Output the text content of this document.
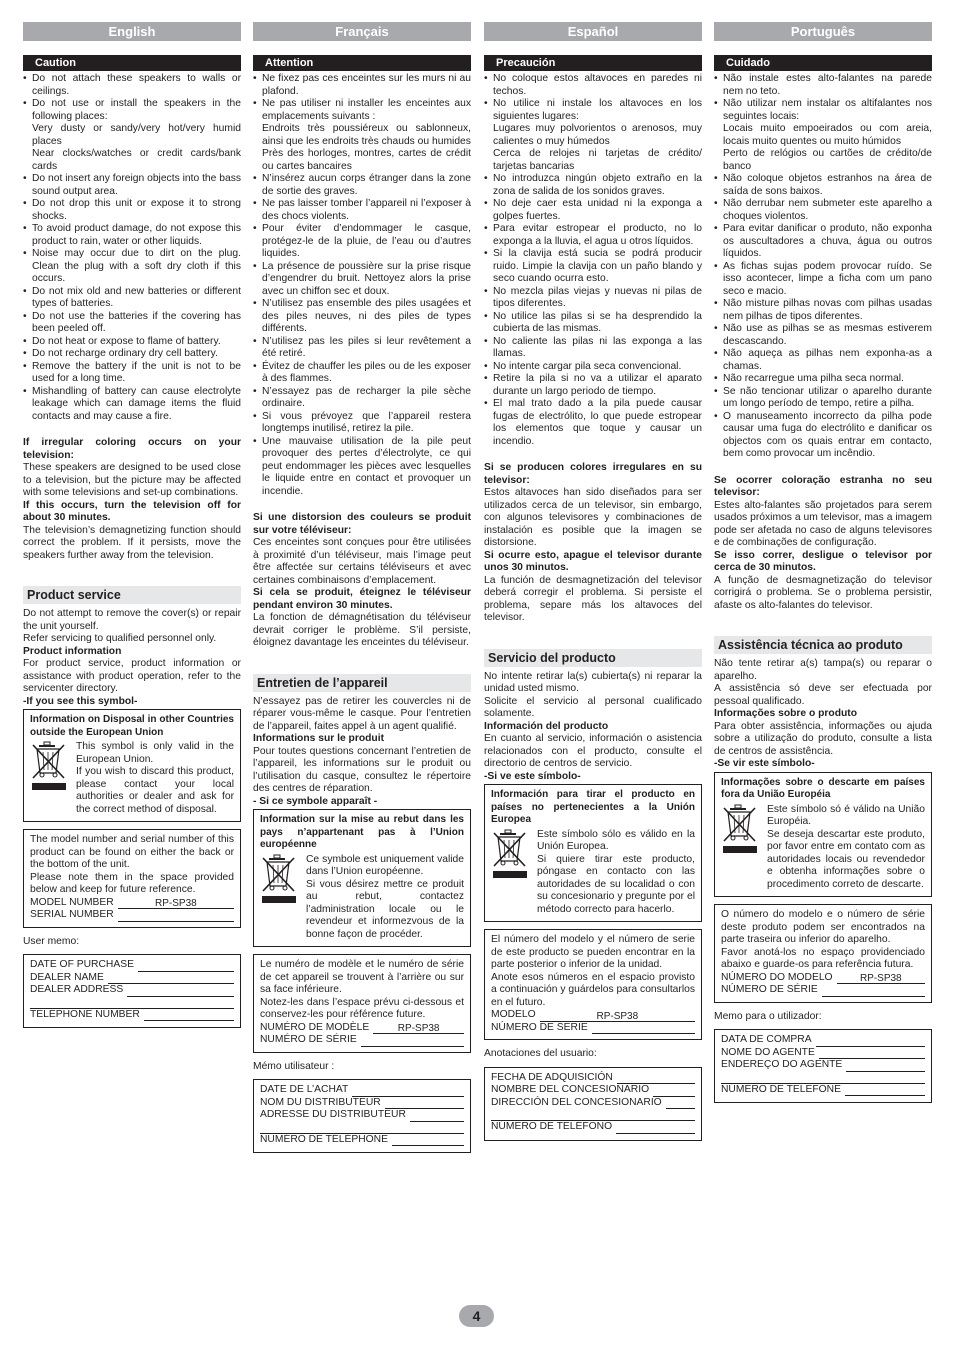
English
Caution
• Do not attach these speakers to walls or ceilings.
• Do not use or install the speakers in the following places:
Very dusty or sandy/very hot/very humid places
Near clocks/watches or credit cards/bank cards
• Do not insert any foreign objects into the bass sound output area.
• Do not drop this unit or expose it to strong shocks.
• To avoid product damage, do not expose this product to rain, water or other liquids.
• Noise may occur due to dirt on the plug. Clean the plug with a soft dry cloth if this occurs.
• Do not mix old and new batteries or different types of batteries.
• Do not use the batteries if the covering has been peeled off.
• Do not heat or expose to flame of battery.
• Do not recharge ordinary dry cell battery.
• Remove the battery if the unit is not to be used for a long time.
• Mishandling of battery can cause electrolyte leakage which can damage items the fluid contacts and may cause a fire.
If irregular coloring occurs on your television:
These speakers are designed to be used close to a television, but the picture may be affected with some televisions and set-up combinations.
If this occurs, turn the television off for about 30 minutes.
The television’s demagnetizing function should correct the problem. If it persists, move the speakers further away from the television.
Product service
Do not attempt to remove the cover(s) or repair the unit yourself.
Refer servicing to qualified personnel only.
Product information
For product service, product information or assistance with product operation, refer to the servicenter directory.
-If you see this symbol-
Information on Disposal in other Countries outside the European Union
This symbol is only valid in the European Union.
If you wish to discard this product, please contact your local authorities or dealer and ask for the correct method of disposal.
The model number and serial number of this product can be found on either the back or the bottom of the unit.
Please note them in the space provided below and keep for future reference.
MODEL NUMBER	RP-SP38
SERIAL NUMBER
User memo:
DATE OF PURCHASE
DEALER NAME
DEALER ADDRESS
TELEPHONE NUMBER
Français
Attention
• Ne fixez pas ces enceintes sur les murs ni au plafond.
• Ne pas utiliser ni installer les enceintes aux emplacements suivants :
Endroits très poussiéreux ou sablonneux, ainsi que les endroits très chauds ou humides
Près des horloges, montres, cartes de crédit ou cartes bancaires
• N’insérez aucun corps étranger dans la zone de sortie des graves.
• Ne pas laisser tomber l’appareil ni l’exposer à des chocs violents.
• Pour éviter d’endommager le casque, protégez-le de la pluie, de l’eau ou d’autres liquides.
• La présence de poussière sur la prise risque d’engendrer du bruit. Nettoyez alors la prise avec un chiffon sec et doux.
• N’utilisez pas ensemble des piles usagées et des piles neuves, ni des piles de types différents.
• N’utilisez pas les piles si leur revêtement a été retiré.
• Évitez de chauffer les piles ou de les exposer à des flammes.
• N’essayez pas de recharger la pile sèche ordinaire.
• Si vous prévoyez que l’appareil restera longtemps inutilisé, retirez la pile.
• Une mauvaise utilisation de la pile peut provoquer des pertes d’électrolyte, ce qui peut endommager les pièces avec lesquelles le liquide entre en contact et provoquer un incendie.
Si une distorsion des couleurs se produit sur votre téléviseur:
Ces enceintes sont conçues pour être utilisées à proximité d’un téléviseur, mais l’image peut être affectée sur certains téléviseurs et avec certaines combinaisons d’emplacement.
Si cela se produit, éteignez le téléviseur pendant environ 30 minutes.
La fonction de démagnétisation du téléviseur devrait corriger le problème. S’il persiste, éloignez davantage les enceintes du téléviseur.
Entretien de l’appareil
N’essayez pas de retirer les couvercles ni de réparer vous-même le casque. Pour l’entretien de l’appareil, faites appel à un agent qualifié.
Informations sur le produit
Pour toutes questions concernant l’entretien de l’appareil, les informations sur le produit ou l’utilisation du casque, consultez le répertoire des centres de réparation.
- Si ce symbole apparaît -
Information sur la mise au rebut dans les pays n’appartenant pas à l’Union européenne
Ce symbole est uniquement valide dans l’Union européenne.
Si vous désirez mettre ce produit au rebut, contactez l’administration locale ou le revendeur et informezvous de la bonne façon de procéder.
Le numéro de modèle et le numéro de série de cet appareil se trouvent à l’arrière ou sur sa face inférieure.
Notez-les dans l’espace prévu ci-dessous et conservez-les pour référence future.
NUMÉRO DE MODÈLE	RP-SP38
NUMÉRO DE SÉRIE
Mémo utilisateur :
DATE DE L’ACHAT
NOM DU DISTRIBUTEUR
ADRESSE DU DISTRIBUTEUR
NUMÉRO DE TÉLÉPHONE
Español
Precaución
• No coloque estos altavoces en paredes ni techos.
• No utilice ni instale los altavoces en los siguientes lugares:
Lugares muy polvorientos o arenosos, muy calientes o muy húmedos
Cerca de relojes ni tarjetas de crédito/ tarjetas bancarias
• No introduzca ningún objeto extraño en la zona de salida de los sonidos graves.
• No deje caer esta unidad ni la exponga a golpes fuertes.
• Para evitar estropear el producto, no lo exponga a la lluvia, el agua u otros líquidos.
• Si la clavija está sucia se podrá producir ruido. Limpie la clavija con un paño blando y seco cuando ocurra esto.
• No mezcla pilas viejas y nuevas ni pilas de tipos diferentes.
• No utilice las pilas si se ha desprendido la cubierta de las mismas.
• No caliente las pilas ni las exponga a las llamas.
• No intente cargar pila seca convencional.
• Retire la pila si no va a utilizar el aparato durante un largo periodo de tiempo.
• El mal trato dado a la pila puede causar fugas de electrólito, lo que puede estropear los elementos que toque y causar un incendio.
Si se producen colores irregulares en su televisor:
Estos altavoces han sido diseñados para ser utilizados cerca de un televisor, sin embargo, con algunos televisores y combinaciones de instalación es posible que la imagen se distorsione.
Si ocurre esto, apague el televisor durante unos 30 minutos.
La función de desmagnetización del televisor deberá corregir el problema. Si persiste el problema, separe más los altavoces del televisor.
Servicio del producto
No intente retirar la(s) cubierta(s) ni reparar la unidad usted mismo.
Solicite el servicio al personal cualificado solamente.
Información del producto
En cuanto al servicio, información o asistencia relacionados con el producto, consulte el directorio de centros de servicio.
-Si ve este símbolo-
Información para tirar el producto en países no pertenecientes a la Unión Europea
Este símbolo sólo es válido en la Unión Europea.
Si quiere tirar este producto, póngase en contacto con las autoridades de su localidad o con su concesionario y pregunte por el método correcto para hacerlo.
El número del modelo y el número de serie de este producto se pueden encontrar en la parte posterior o inferior de la unidad.
Anote esos números en el espacio provisto a continuación y guárdelos para consultarlos en el futuro.
MODELO	RP-SP38
NÚMERO DE SERIE
Anotaciones del usuario:
FECHA DE ADQUISICIÓN
NOMBRE DEL CONCESIONARIO
DIRECCIÓN DEL CONCESIONARIO
NÚMERO DE TELÉFONO
Português
Cuidado
• Não instale estes alto-falantes na parede nem no teto.
• Não utilizar nem instalar os altifalantes nos seguintes locais:
Locais muito empoeirados ou com areia, locais muito quentes ou muito húmidos
Perto de relógios ou cartões de crédito/de banco
• Não coloque objetos estranhos na área de saída de sons baixos.
• Não derrubar nem submeter este aparelho a choques violentos.
• Para evitar danificar o produto, não exponha os auscultadores a chuva, água ou outros líquidos.
• As fichas sujas podem provocar ruído. Se isso acontecer, limpe a ficha com um pano seco e macio.
• Não misture pilhas novas com pilhas usadas nem pilhas de tipos diferentes.
• Não use as pilhas se as mesmas estiverem descascando.
• Não aqueça as pilhas nem exponha-as a chamas.
• Não recarregue uma pilha seca normal.
• Se não tencionar utilizar o aparelho durante um longo período de tempo, retire a pilha.
• O manuseamento incorrecto da pilha pode causar uma fuga do electrólito e danificar os objectos com os quais entrar em contacto, bem como provocar um incêndio.
Se ocorrer coloração estranha no seu televisor:
Estes alto-falantes são projetados para serem usados próximos a um televisor, mas a imagem pode ser afetada no caso de alguns televisores e de combinações de configuração.
Se isso correr, desligue o televisor por cerca de 30 minutos.
A função de desmagnetização do televisor corrigirá o problema. Se o problema persistir, afaste os alto-falantes do televisor.
Assistência técnica ao produto
Não tente retirar a(s) tampa(s) ou reparar o aparelho.
A assistência só deve ser efectuada por pessoal qualificado.
Informações sobre o produto
Para obter assistência, informações ou ajuda sobre a utilização do produto, consulte a lista de centros de assistência.
-Se vir este símbolo-
Informações sobre o descarte em países fora da União Européia
Este símbolo só é válido na União Européia.
Se deseja descartar este produto, por favor entre em contato com as autoridades locais ou revendedor e obtenha informações sobre o procedimento correto de descarte.
O número do modelo e o número de série deste produto podem ser encontrados na parte traseira ou inferior do aparelho.
Favor anotá-los no espaço providenciado abaixo e guarde-os para referência futura.
NÚMERO DO MODELO	RP-SP38
NÚMERO DE SÉRIE
Memo para o utilizador:
DATA DE COMPRA
NOME DO AGENTE
ENDEREÇO DO AGENTE
NÚMERO DE TELEFONE
4
